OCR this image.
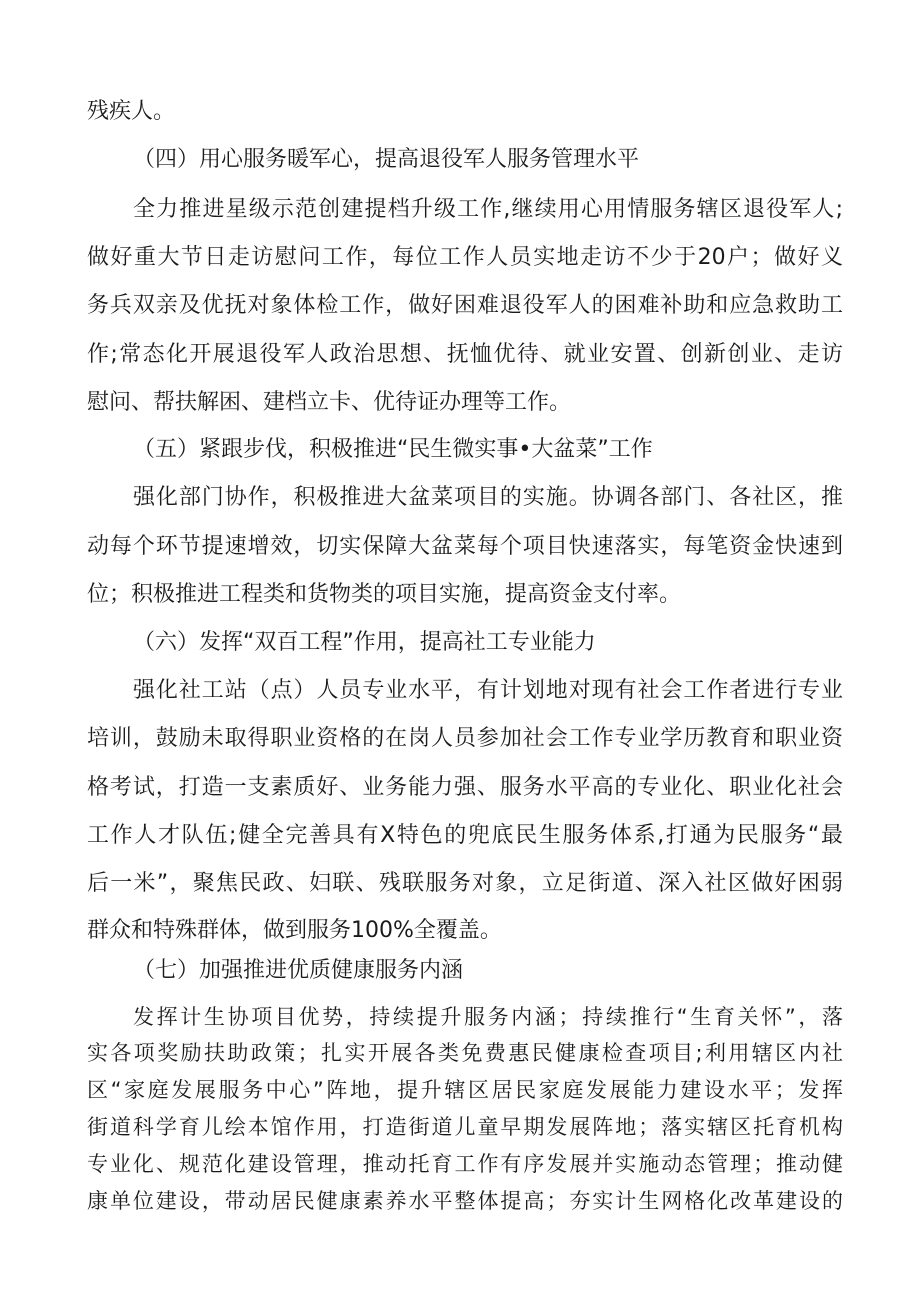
残疾人。

（四）用心服务暖军心，提高退役军人服务管理水平

全力推进星级示范创建提档升级工作,继续用心用情服务辖区退役军人;

做好重大节日走访慰问工作，每位工作人员实地走访不少于20户；做好义

务兵双亲及优抚对象体检工作，做好困难退役军人的困难补助和应急救助工

作;常态化开展退役军人政治思想、抚恤优待、就业安置、创新创业、走访

慰问、帮扶解困、建档立卡、优待证办理等工作。

（五）紧跟步伐，积极推进“民生微实事•大盆菜”工作

强化部门协作，积极推进大盆菜项目的实施。协调各部门、各社区，推

动每个环节提速增效，切实保障大盆菜每个项目快速落实，每笔资金快速到

位；积极推进工程类和货物类的项目实施，提高资金支付率。

（六）发挥“双百工程”作用，提高社工专业能力

强化社工站（点）人员专业水平，有计划地对现有社会工作者进行专业

培训，鼓励未取得职业资格的在岗人员参加社会工作专业学历教育和职业资

格考试，打造一支素质好、业务能力强、服务水平高的专业化、职业化社会

工作人才队伍;健全完善具有X特色的兜底民生服务体系,打通为民服务“最

后一米”，聚焦民政、妇联、残联服务对象，立足街道、深入社区做好困弱

群众和特殊群体，做到服务100%全覆盖。

（七）加强推进优质健康服务内涵

发挥计生协项目优势，持续提升服务内涵；持续推行“生育关怀”，落

实各项奖励扶助政策；扎实开展各类免费惠民健康检查项目;利用辖区内社

区“家庭发展服务中心”阵地，提升辖区居民家庭发展能力建设水平；发挥

街道科学育儿绘本馆作用，打造街道儿童早期发展阵地；落实辖区托育机构

专业化、规范化建设管理，推动托育工作有序发展并实施动态管理；推动健

康单位建设，带动居民健康素养水平整体提高；夯实计生网格化改革建设的
